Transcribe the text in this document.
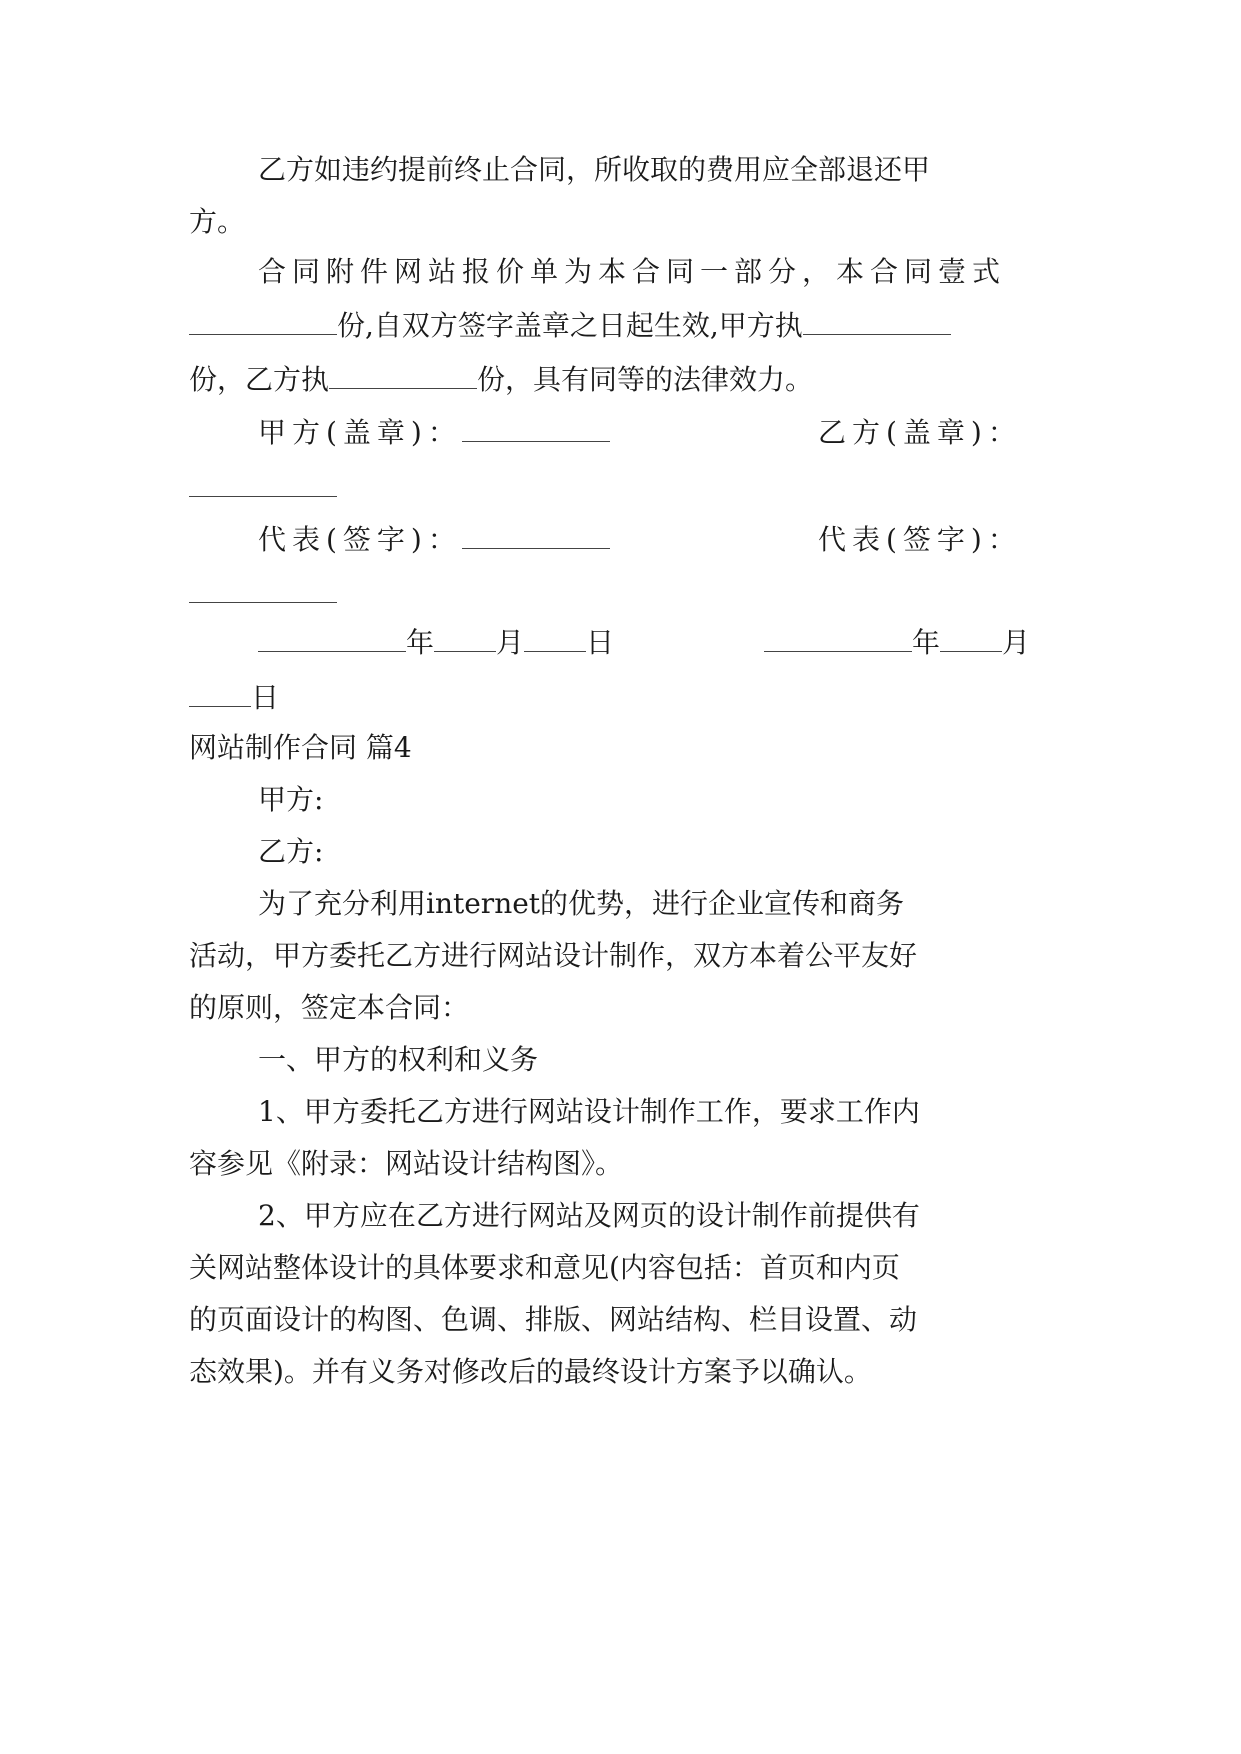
乙方如违约提前终止合同，所收取的费用应全部退还甲
方。
合同附件网站报价单为本合同一部分，本合同壹式
份,自双方签字盖章之日起生效,甲方执
份，乙方执	份，具有同等的法律效力。
甲方(盖章)：	乙方(盖章)：
代表(签字)：	代表(签字)：
年 月 日	年 月
日
网站制作合同 篇4
甲方:
乙方:
为了充分利用internet的优势，进行企业宣传和商务
活动，甲方委托乙方进行网站设计制作，双方本着公平友好
的原则，签定本合同：
一、甲方的权利和义务
1、甲方委托乙方进行网站设计制作工作，要求工作内
容参见《附录：网站设计结构图》。
2、甲方应在乙方进行网站及网页的设计制作前提供有
关网站整体设计的具体要求和意见(内容包括：首页和内页
的页面设计的构图、色调、排版、网站结构、栏目设置、动
态效果)。并有义务对修改后的最终设计方案予以确认。
